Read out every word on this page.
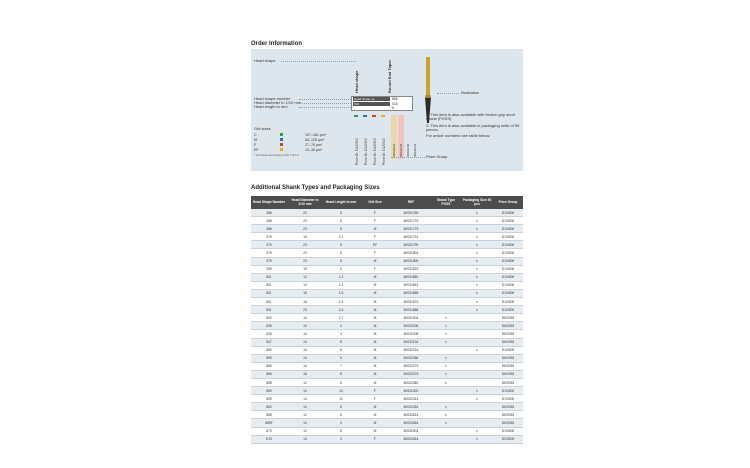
Order Information
Head shape
Head shape number
Head diameter in 1/10 mm
Head length in mm
Head shape no.	856
ISO	018
8
Head shape	Round End Taper
Price Gr. D1/0500
Price Gr. D1/0500
Price Gr. D1/0500
Price Gr. D1/0500 60032232 60032236 60032240 60032234
Illustration
Y: This item is also available with friction grip short shank (FGSS)
Z: This item is also available in packaging units of 50 pieces.
For article numbers see table below.
Price Group
Grit sizes
C	107–181 µm*
M	64–126 µm*
F	27–76 µm*
EF	10–36 µm*
* Grit sizes according to ISO 7711-3
Additional Shank Types and Packaging Sizes
Head Shape Number	Head Diameter in 1/10 mm	Head Length in mm	Grit Size	REF	Shank Type FGSS	Packaging Size 50 pcs	Price Group
368	20	5	F	60031765		x	D1/0500
368	23	5	F	60031775		x	D1/0500
368	23	5	M	60031779		x	D1/0500
379	18	2.2	F	60031791		x	D1/0500
379	23	5	EF	60031799		x	D1/0500
379	23	5	F	60031804		x	D1/0500
379	23	5	M	60031809		x	D1/0500
390	16	6	F	60031823		x	D1/0500
801	12	1.2	M	60031850		x	D1/0500
801	14	1.4	M	60031861		x	D1/0500
801	16	1.6	M	60031868		x	D1/0500
801	18	1.8	M	60031876		x	D1/0500
801	23	2.3	M	60031888		x	D1/0500
830	10	2.7	M	60031904	x		D6/0053
835	10	4	M	60032006	x		D6/0053
835	10	4	M	60032008	x		D6/0053
847	14	8	M	60032134	x		D6/0053
850	18	8	M	60032216		x	D1/0500
855	14	6	M	60032266	x		D6/0053
856	16	7	M	60032279	x		D6/0053
856	18	8	M	60032276	x		D6/0053
858	12	8	M	60032382	x		D6/0053
859	10	10	F	60032402		x	D1/0500
859	14	10	F	60032414		x	D1/0500
862	10	8	M	60032494	x		D6/0053
885	12	8	M	60032624	x		D6/0053
885F	10	4	M	60032654	x		D6/0053
879	12	8	M	60032904		x	D1/0500
E19	14	4	F	60033044		x	D2/0500
